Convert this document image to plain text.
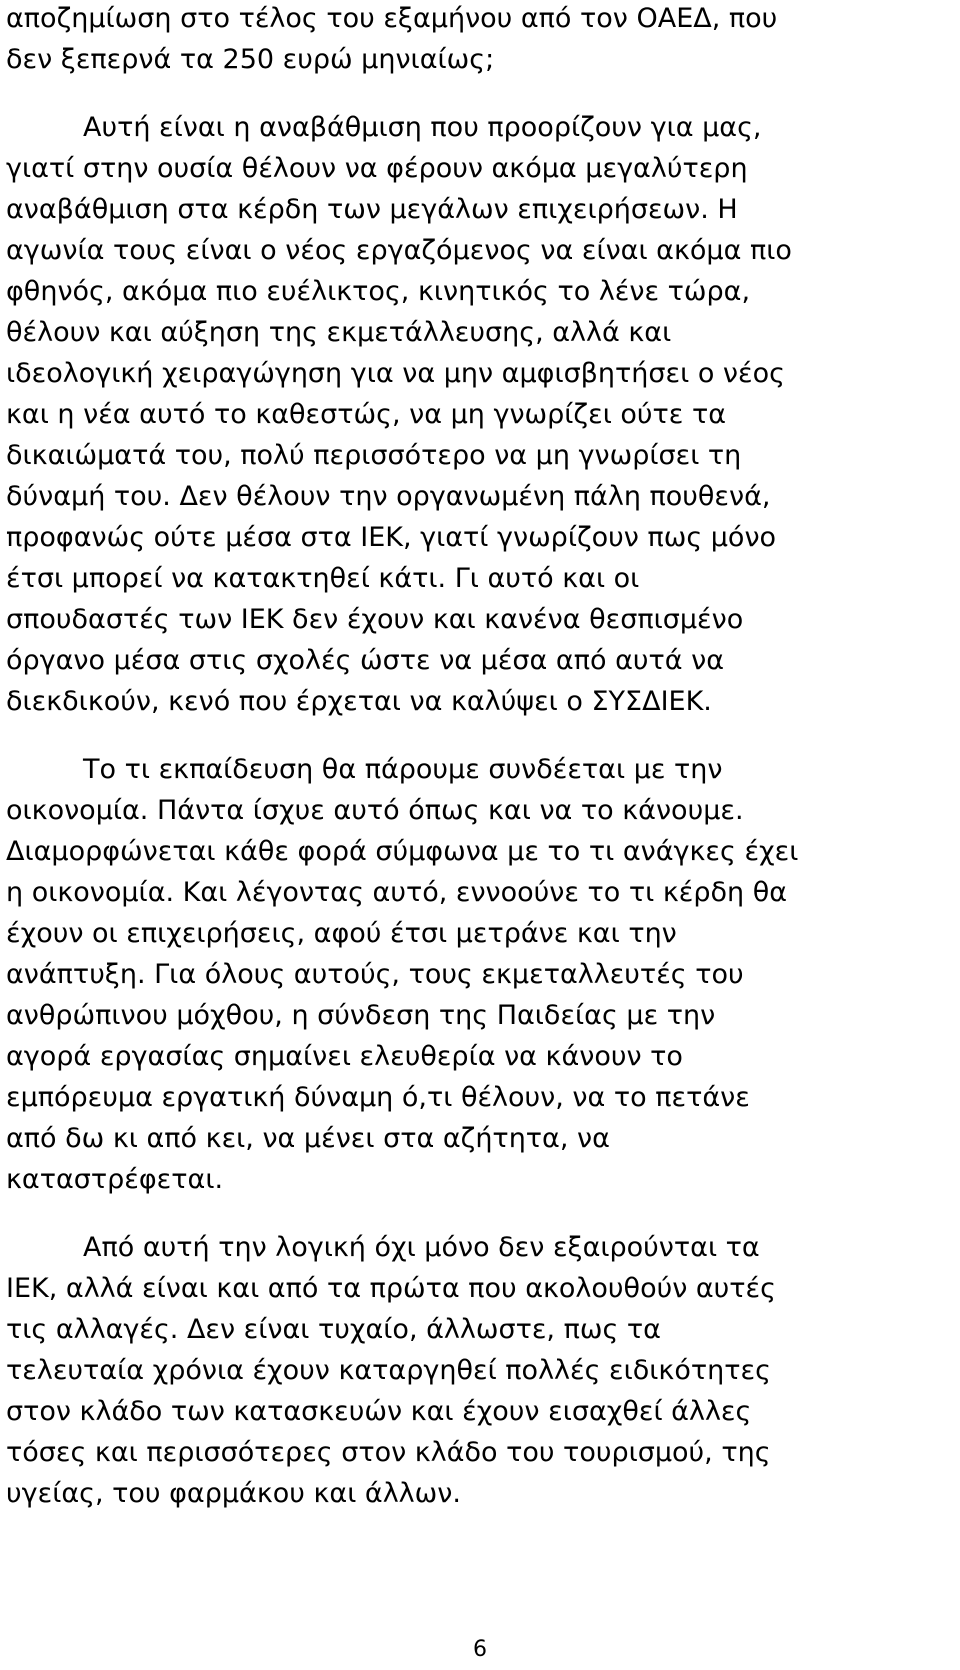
αποζημίωση στο τέλος του εξαμήνου από τον ΟΑΕΔ, που

δεν ξεπερνά τα 250 ευρώ μηνιαίως;

Αυτή είναι η αναβάθμιση που προορίζουν για μας,

γιατί στην ουσία θέλουν να φέρουν ακόμα μεγαλύτερη

αναβάθμιση στα κέρδη των μεγάλων επιχειρήσεων. Η

αγωνία τους είναι ο νέος εργαζόμενος να είναι ακόμα πιο

φθηνός, ακόμα πιο ευέλικτος, κινητικός το λένε τώρα,

θέλουν και αύξηση της εκμετάλλευσης, αλλά και

ιδεολογική χειραγώγηση για να μην αμφισβητήσει ο νέος

και η νέα αυτό το καθεστώς, να μη γνωρίζει ούτε τα

δικαιώματά του, πολύ περισσότερο να μη γνωρίσει τη

δύναμή του. Δεν θέλουν την οργανωμένη πάλη πουθενά,

προφανώς ούτε μέσα στα ΙΕΚ, γιατί γνωρίζουν πως μόνο

έτσι μπορεί να κατακτηθεί κάτι. Γι αυτό και οι

σπουδαστές των ΙΕΚ δεν έχουν και κανένα θεσπισμένο

όργανο μέσα στις σχολές ώστε να μέσα από αυτά να

διεκδικούν, κενό που έρχεται να καλύψει ο ΣΥΣΔΙΕΚ.

Το τι εκπαίδευση θα πάρουμε συνδέεται με την

οικονομία. Πάντα ίσχυε αυτό όπως και να το κάνουμε.

Διαμορφώνεται κάθε φορά σύμφωνα με το τι ανάγκες έχει

η οικονομία. Και λέγοντας αυτό, εννοούνε το τι κέρδη θα

έχουν οι επιχειρήσεις, αφού έτσι μετράνε και την

ανάπτυξη. Για όλους αυτούς, τους εκμεταλλευτές του

ανθρώπινου μόχθου, η σύνδεση της Παιδείας με την

αγορά εργασίας σημαίνει ελευθερία να κάνουν το

εμπόρευμα εργατική δύναμη ό,τι θέλουν, να το πετάνε

από δω κι από κει, να μένει στα αζήτητα, να

καταστρέφεται.

Από αυτή την λογική όχι μόνο δεν εξαιρούνται τα

ΙΕΚ, αλλά είναι και από τα πρώτα που ακολουθούν αυτές

τις αλλαγές. Δεν είναι τυχαίο, άλλωστε, πως τα

τελευταία χρόνια έχουν καταργηθεί πολλές ειδικότητες

στον κλάδο των κατασκευών και έχουν εισαχθεί άλλες

τόσες και περισσότερες στον κλάδο του τουρισμού, της

υγείας, του φαρμάκου και άλλων.

6
